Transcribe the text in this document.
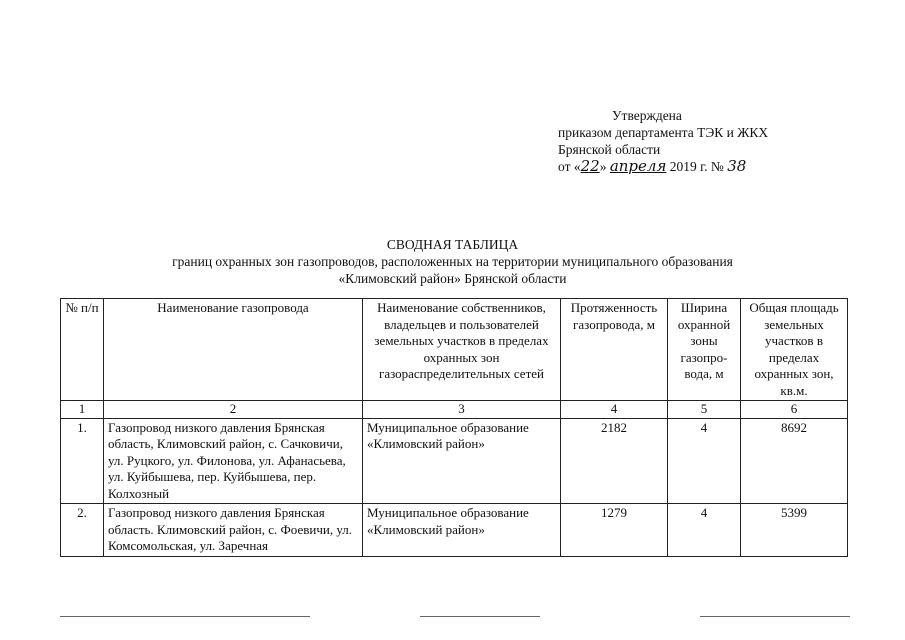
Утверждена
приказом департамента ТЭК и ЖКХ
Брянской области
от «22» апреля 2019 г. № 38
СВОДНАЯ ТАБЛИЦА
границ охранных зон газопроводов, расположенных на территории муниципального образования
«Климовский район» Брянской области
№ п/п	Наименование газопровода	Наименование собственников, владельцев и пользователей земельных участков в пределах охранных зон газораспределительных сетей	Протяженность газопровода, м	Ширина охранной зоны газопро-вода, м	Общая площадь земельных участков в пределах охранных зон, кв.м.
1	2	3	4	5	6
1.	Газопровод низкого давления Брянская область, Климовский район, с. Сачковичи, ул. Руцкого, ул. Филонова, ул. Афанасьева, ул. Куйбышева, пер. Куйбышева, пер. Колхозный	Муниципальное образование «Климовский район»	2182	4	8692
2.	Газопровод низкого давления Брянская область. Климовский район, с. Фоевичи, ул. Комсомольская, ул. Заречная	Муниципальное образование «Климовский район»	1279	4	5399
